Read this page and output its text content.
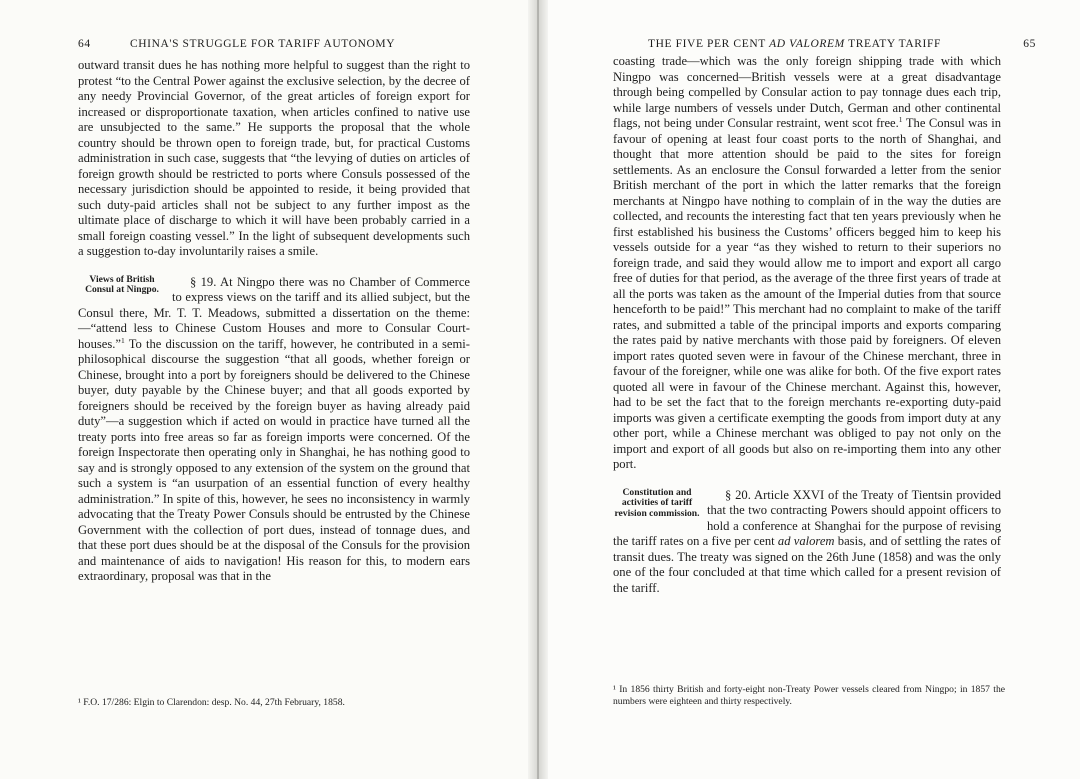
64	CHINA'S STRUGGLE FOR TARIFF AUTONOMY

outward transit dues he has nothing more helpful to suggest than the right to protest “to the Central Power against the exclusive selection, by the decree of any needy Provincial Governor, of the great articles of foreign export for increased or disproportionate taxation, when articles confined to native use are unsubjected to the same.” He supports the proposal that the whole country should be thrown open to foreign trade, but, for practical Customs administration in such case, suggests that “the levying of duties on articles of foreign growth should be restricted to ports where Consuls possessed of the necessary jurisdiction should be appointed to reside, it being provided that such duty-paid articles shall not be subject to any further impost as the ultimate place of discharge to which it will have been probably carried in a small foreign coasting vessel.” In the light of subsequent developments such a suggestion to-day involuntarily raises a smile.

Views of British Consul at Ningpo.

§ 19. At Ningpo there was no Chamber of Commerce to express views on the tariff and its allied subject, but the Consul there, Mr. T. T. Meadows, submitted a dissertation on the theme:—“attend less to Chinese Custom Houses and more to Consular Court-houses.”$^1$ To the discussion on the tariff, however, he contributed in a semi-philosophical discourse the suggestion “that all goods, whether foreign or Chinese, brought into a port by foreigners should be delivered to the Chinese buyer, duty payable by the Chinese buyer; and that all goods exported by foreigners should be received by the foreign buyer as having already paid duty”—a suggestion which if acted on would in practice have turned all the treaty ports into free areas so far as foreign imports were concerned. Of the foreign Inspectorate then operating only in Shanghai, he has nothing good to say and is strongly opposed to any extension of the system on the ground that such a system is “an usurpation of an essential function of every healthy administration.” In spite of this, however, he sees no inconsistency in warmly advocating that the Treaty Power Consuls should be entrusted by the Chinese Government with the collection of port dues, instead of tonnage dues, and that these port dues should be at the disposal of the Consuls for the provision and maintenance of aids to navigation! His reason for this, to modern ears extraordinary, proposal was that in the

¹ F.O. 17/286: Elgin to Clarendon: desp. No. 44, 27th February, 1858.
THE FIVE PER CENT AD VALOREM TREATY TARIFF	65

coasting trade—which was the only foreign shipping trade with which Ningpo was concerned—British vessels were at a great disadvantage through being compelled by Consular action to pay tonnage dues each trip, while large numbers of vessels under Dutch, German and other continental flags, not being under Consular restraint, went scot free.$^1$ The Consul was in favour of opening at least four coast ports to the north of Shanghai, and thought that more attention should be paid to the sites for foreign settlements. As an enclosure the Consul forwarded a letter from the senior British merchant of the port in which the latter remarks that the foreign merchants at Ningpo have nothing to complain of in the way the duties are collected, and recounts the interesting fact that ten years previously when he first established his business the Customs’ officers begged him to keep his vessels outside for a year “as they wished to return to their superiors no foreign trade, and said they would allow me to import and export all cargo free of duties for that period, as the average of the three first years of trade at all the ports was taken as the amount of the Imperial duties from that source henceforth to be paid!” This merchant had no complaint to make of the tariff rates, and submitted a table of the principal imports and exports comparing the rates paid by native merchants with those paid by foreigners. Of eleven import rates quoted seven were in favour of the Chinese merchant, three in favour of the foreigner, while one was alike for both. Of the five export rates quoted all were in favour of the Chinese merchant. Against this, however, had to be set the fact that to the foreign merchants re-exporting duty-paid imports was given a certificate exempting the goods from import duty at any other port, while a Chinese merchant was obliged to pay not only on the import and export of all goods but also on re-importing them into any other port.

Constitution and activities of tariff revision commission.

§ 20. Article XXVI of the Treaty of Tientsin provided that the two contracting Powers should appoint officers to hold a conference at Shanghai for the purpose of revising the tariff rates on a five per cent ad valorem basis, and of settling the rates of transit dues. The treaty was signed on the 26th June (1858) and was the only one of the four concluded at that time which called for a present revision of the tariff.

¹ In 1856 thirty British and forty-eight non-Treaty Power vessels cleared from Ningpo; in 1857 the numbers were eighteen and thirty respectively.
